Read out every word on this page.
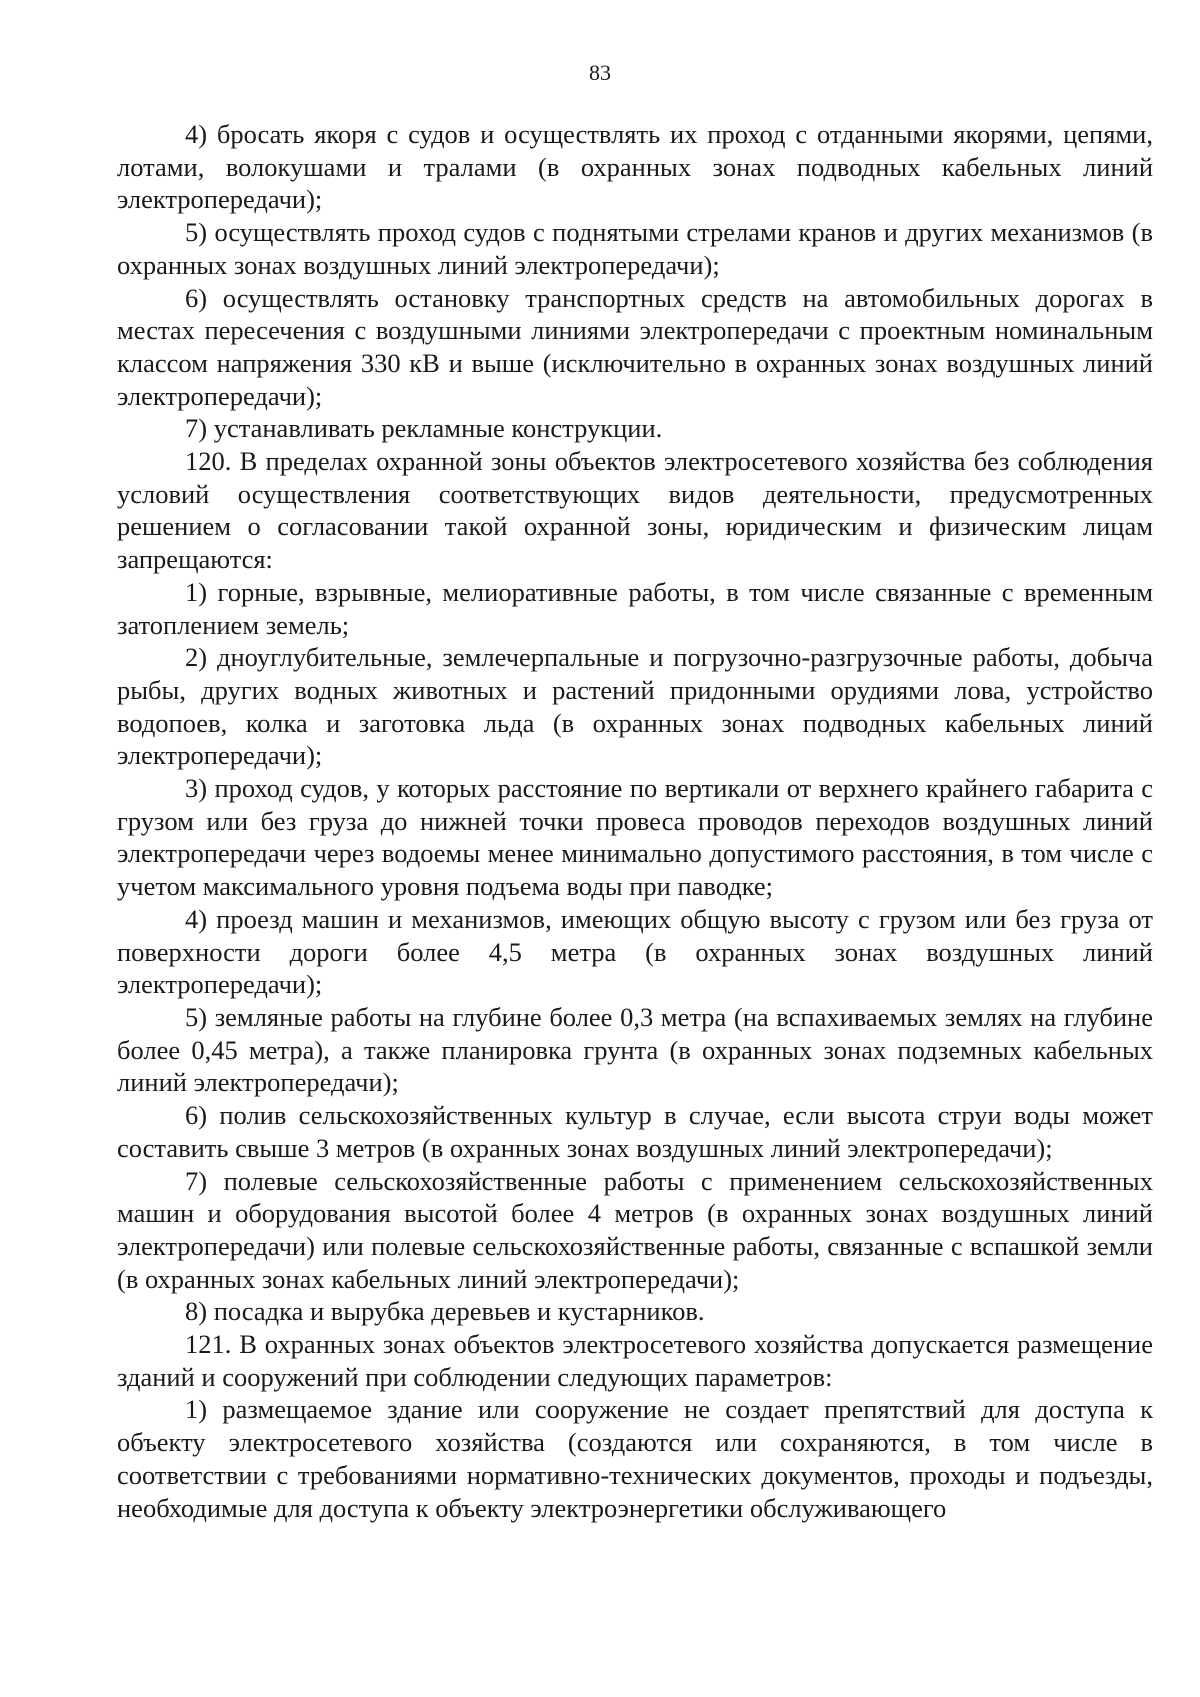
83

4) бросать якоря с судов и осуществлять их проход с отданными якорями, цепями, лотами, волокушами и тралами (в охранных зонах подводных кабельных линий электропередачи);

5) осуществлять проход судов с поднятыми стрелами кранов и других механизмов (в охранных зонах воздушных линий электропередачи);

6) осуществлять остановку транспортных средств на автомобильных дорогах в местах пересечения с воздушными линиями электропередачи с проектным номинальным классом напряжения 330 кВ и выше (исключительно в охранных зонах воздушных линий электропередачи);

7) устанавливать рекламные конструкции.

120. В пределах охранной зоны объектов электросетевого хозяйства без соблюдения условий осуществления соответствующих видов деятельности, предусмотренных решением о согласовании такой охранной зоны, юридическим и физическим лицам запрещаются:

1) горные, взрывные, мелиоративные работы, в том числе связанные с временным затоплением земель;

2) дноуглубительные, землечерпальные и погрузочно-разгрузочные работы, добыча рыбы, других водных животных и растений придонными орудиями лова, устройство водопоев, колка и заготовка льда (в охранных зонах подводных кабельных линий электропередачи);

3) проход судов, у которых расстояние по вертикали от верхнего крайнего габарита с грузом или без груза до нижней точки провеса проводов переходов воздушных линий электропередачи через водоемы менее минимально допустимого расстояния, в том числе с учетом максимального уровня подъема воды при паводке;

4) проезд машин и механизмов, имеющих общую высоту с грузом или без груза от поверхности дороги более 4,5 метра (в охранных зонах воздушных линий электропередачи);

5) земляные работы на глубине более 0,3 метра (на вспахиваемых землях на глубине более 0,45 метра), а также планировка грунта (в охранных зонах подземных кабельных линий электропередачи);

6) полив сельскохозяйственных культур в случае, если высота струи воды может составить свыше 3 метров (в охранных зонах воздушных линий электропередачи);

7) полевые сельскохозяйственные работы с применением сельскохозяйственных машин и оборудования высотой более 4 метров (в охранных зонах воздушных линий электропередачи) или полевые сельскохозяйственные работы, связанные с вспашкой земли (в охранных зонах кабельных линий электропередачи);

8) посадка и вырубка деревьев и кустарников.

121. В охранных зонах объектов электросетевого хозяйства допускается размещение зданий и сооружений при соблюдении следующих параметров:

1) размещаемое здание или сооружение не создает препятствий для доступа к объекту электросетевого хозяйства (создаются или сохраняются, в том числе в соответствии с требованиями нормативно-технических документов, проходы и подъезды, необходимые для доступа к объекту электроэнергетики обслуживающего
